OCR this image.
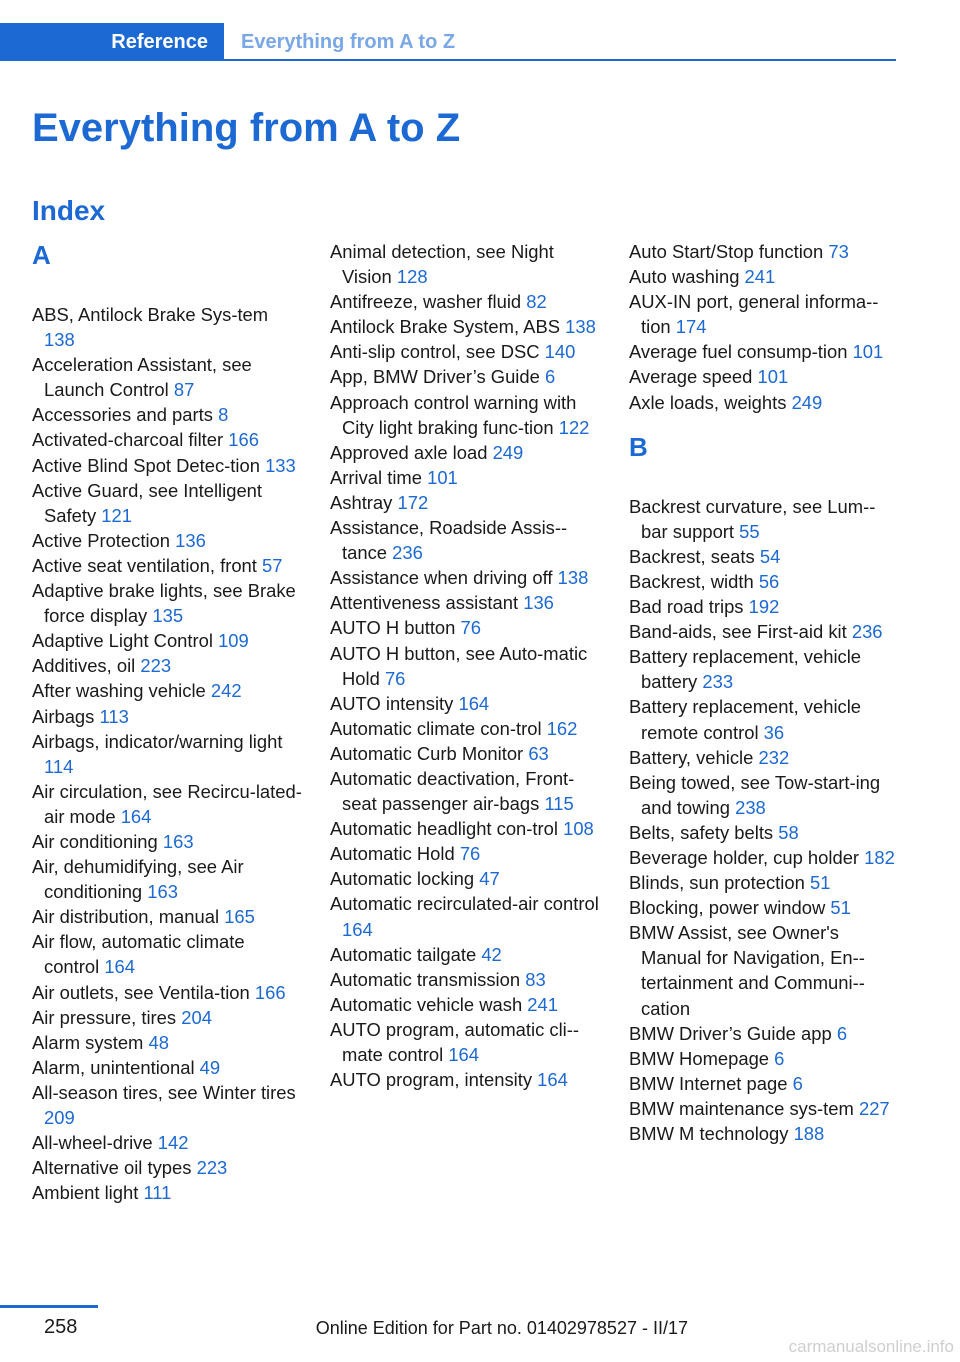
Reference Everything from A to Z
Everything from A to Z
Index
A
ABS, Antilock Brake Sys‐tem 138
Acceleration Assistant, see Launch Control 87
Accessories and parts 8
Activated-charcoal filter 166
Active Blind Spot Detec‐tion 133
Active Guard, see Intelligent Safety 121
Active Protection 136
Active seat ventilation, front 57
Adaptive brake lights, see Brake force display 135
Adaptive Light Control 109
Additives, oil 223
After washing vehicle 242
Airbags 113
Airbags, indicator/warning light 114
Air circulation, see Recircu‐lated-air mode 164
Air conditioning 163
Air, dehumidifying, see Air conditioning 163
Air distribution, manual 165
Air flow, automatic climate control 164
Air outlets, see Ventila‐tion 166
Air pressure, tires 204
Alarm system 48
Alarm, unintentional 49
All-season tires, see Winter tires 209
All-wheel-drive 142
Alternative oil types 223
Ambient light 111
Animal detection, see Night Vision 128
Antifreeze, washer fluid 82
Antilock Brake System, ABS 138
Anti-slip control, see DSC 140
App, BMW Driver’s Guide 6
Approach control warning with City light braking func‐tion 122
Approved axle load 249
Arrival time 101
Ashtray 172
Assistance, Roadside Assis‐tance 236
Assistance when driving off 138
Attentiveness assistant 136
AUTO H button 76
AUTO H button, see Auto‐matic Hold 76
AUTO intensity 164
Automatic climate con‐trol 162
Automatic Curb Monitor 63
Automatic deactivation, Front-seat passenger air‐bags 115
Automatic headlight con‐trol 108
Automatic Hold 76
Automatic locking 47
Automatic recirculated-air control 164
Automatic tailgate 42
Automatic transmission 83
Automatic vehicle wash 241
AUTO program, automatic cli‐mate control 164
AUTO program, intensity 164
Auto Start/Stop function 73
Auto washing 241
AUX-IN port, general informa‐tion 174
Average fuel consump‐tion 101
Average speed 101
Axle loads, weights 249
B
Backrest curvature, see Lum‐bar support 55
Backrest, seats 54
Backrest, width 56
Bad road trips 192
Band-aids, see First-aid kit 236
Battery replacement, vehicle battery 233
Battery replacement, vehicle remote control 36
Battery, vehicle 232
Being towed, see Tow-start‐ing and towing 238
Belts, safety belts 58
Beverage holder, cup holder 182
Blinds, sun protection 51
Blocking, power window 51
BMW Assist, see Owner's Manual for Navigation, En‐tertainment and Communi‐cation
BMW Driver’s Guide app 6
BMW Homepage 6
BMW Internet page 6
BMW maintenance sys‐tem 227
BMW M technology 188
258	Online Edition for Part no. 01402978527 - II/17
carmanualsonline.info
